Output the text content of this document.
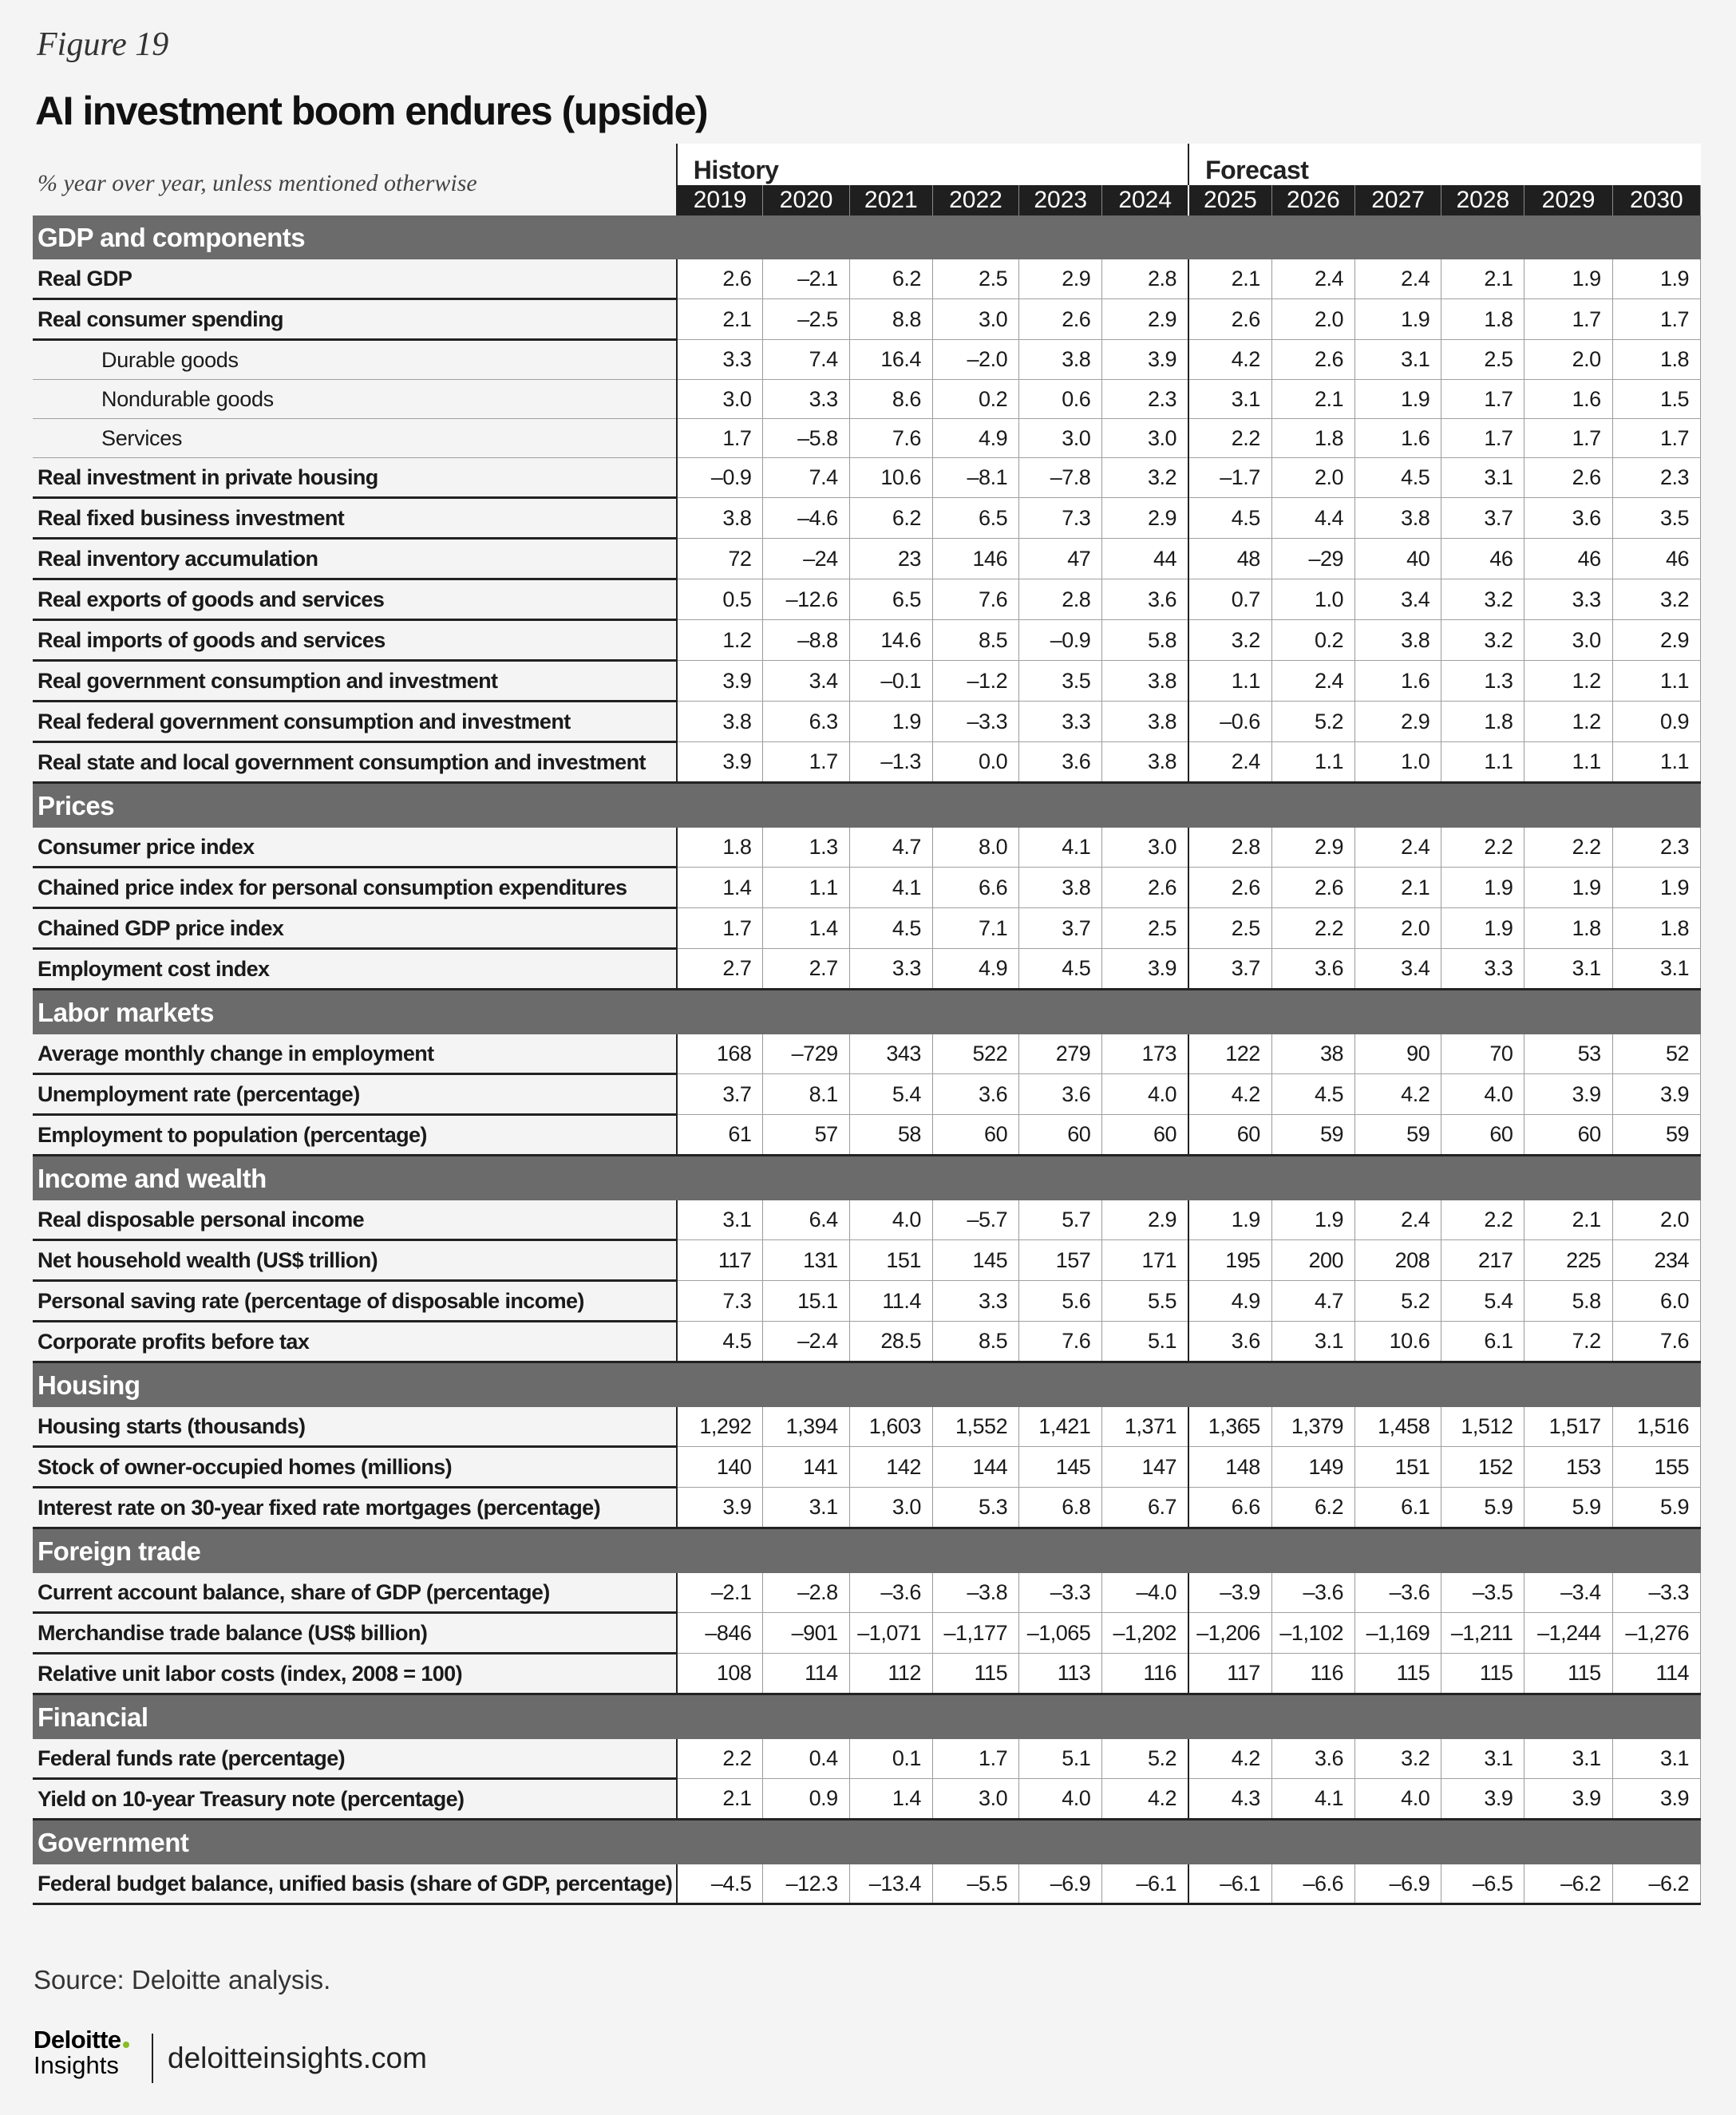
Figure 19
AI investment boom endures (upside)
% year over year, unless mentioned otherwise	History						Forecast					
	2019	2020	2021	2022	2023	2024	2025	2026	2027	2028	2029	2030
GDP and components												
Real GDP	2.6	–2.1	6.2	2.5	2.9	2.8	2.1	2.4	2.4	2.1	1.9	1.9
Real consumer spending	2.1	–2.5	8.8	3.0	2.6	2.9	2.6	2.0	1.9	1.8	1.7	1.7
Durable goods	3.3	7.4	16.4	–2.0	3.8	3.9	4.2	2.6	3.1	2.5	2.0	1.8
Nondurable goods	3.0	3.3	8.6	0.2	0.6	2.3	3.1	2.1	1.9	1.7	1.6	1.5
Services	1.7	–5.8	7.6	4.9	3.0	3.0	2.2	1.8	1.6	1.7	1.7	1.7
Real investment in private housing	–0.9	7.4	10.6	–8.1	–7.8	3.2	–1.7	2.0	4.5	3.1	2.6	2.3
Real fixed business investment	3.8	–4.6	6.2	6.5	7.3	2.9	4.5	4.4	3.8	3.7	3.6	3.5
Real inventory accumulation	72	–24	23	146	47	44	48	–29	40	46	46	46
Real exports of goods and services	0.5	–12.6	6.5	7.6	2.8	3.6	0.7	1.0	3.4	3.2	3.3	3.2
Real imports of goods and services	1.2	–8.8	14.6	8.5	–0.9	5.8	3.2	0.2	3.8	3.2	3.0	2.9
Real government consumption and investment	3.9	3.4	–0.1	–1.2	3.5	3.8	1.1	2.4	1.6	1.3	1.2	1.1
Real federal government consumption and investment	3.8	6.3	1.9	–3.3	3.3	3.8	–0.6	5.2	2.9	1.8	1.2	0.9
Real state and local government consumption and investment	3.9	1.7	–1.3	0.0	3.6	3.8	2.4	1.1	1.0	1.1	1.1	1.1
Prices												
Consumer price index	1.8	1.3	4.7	8.0	4.1	3.0	2.8	2.9	2.4	2.2	2.2	2.3
Chained price index for personal consumption expenditures	1.4	1.1	4.1	6.6	3.8	2.6	2.6	2.6	2.1	1.9	1.9	1.9
Chained GDP price index	1.7	1.4	4.5	7.1	3.7	2.5	2.5	2.2	2.0	1.9	1.8	1.8
Employment cost index	2.7	2.7	3.3	4.9	4.5	3.9	3.7	3.6	3.4	3.3	3.1	3.1
Labor markets												
Average monthly change in employment	168	–729	343	522	279	173	122	38	90	70	53	52
Unemployment rate (percentage)	3.7	8.1	5.4	3.6	3.6	4.0	4.2	4.5	4.2	4.0	3.9	3.9
Employment to population (percentage)	61	57	58	60	60	60	60	59	59	60	60	59
Income and wealth												
Real disposable personal income	3.1	6.4	4.0	–5.7	5.7	2.9	1.9	1.9	2.4	2.2	2.1	2.0
Net household wealth (US$ trillion)	117	131	151	145	157	171	195	200	208	217	225	234
Personal saving rate (percentage of disposable income)	7.3	15.1	11.4	3.3	5.6	5.5	4.9	4.7	5.2	5.4	5.8	6.0
Corporate profits before tax	4.5	–2.4	28.5	8.5	7.6	5.1	3.6	3.1	10.6	6.1	7.2	7.6
Housing												
Housing starts (thousands)	1,292	1,394	1,603	1,552	1,421	1,371	1,365	1,379	1,458	1,512	1,517	1,516
Stock of owner-occupied homes (millions)	140	141	142	144	145	147	148	149	151	152	153	155
Interest rate on 30-year fixed rate mortgages (percentage)	3.9	3.1	3.0	5.3	6.8	6.7	6.6	6.2	6.1	5.9	5.9	5.9
Foreign trade												
Current account balance, share of GDP (percentage)	–2.1	–2.8	–3.6	–3.8	–3.3	–4.0	–3.9	–3.6	–3.6	–3.5	–3.4	–3.3
Merchandise trade balance (US$ billion)	–846	–901	–1,071	–1,177	–1,065	–1,202	–1,206	–1,102	–1,169	–1,211	–1,244	–1,276
Relative unit labor costs (index, 2008 = 100)	108	114	112	115	113	116	117	116	115	115	115	114
Financial												
Federal funds rate (percentage)	2.2	0.4	0.1	1.7	5.1	5.2	4.2	3.6	3.2	3.1	3.1	3.1
Yield on 10-year Treasury note (percentage)	2.1	0.9	1.4	3.0	4.0	4.2	4.3	4.1	4.0	3.9	3.9	3.9
Government												
Federal budget balance, unified basis (share of GDP, percentage)	–4.5	–12.3	–13.4	–5.5	–6.9	–6.1	–6.1	–6.6	–6.9	–6.5	–6.2	–6.2
Source: Deloitte analysis.
Deloitte
Insights	deloitteinsights.com
